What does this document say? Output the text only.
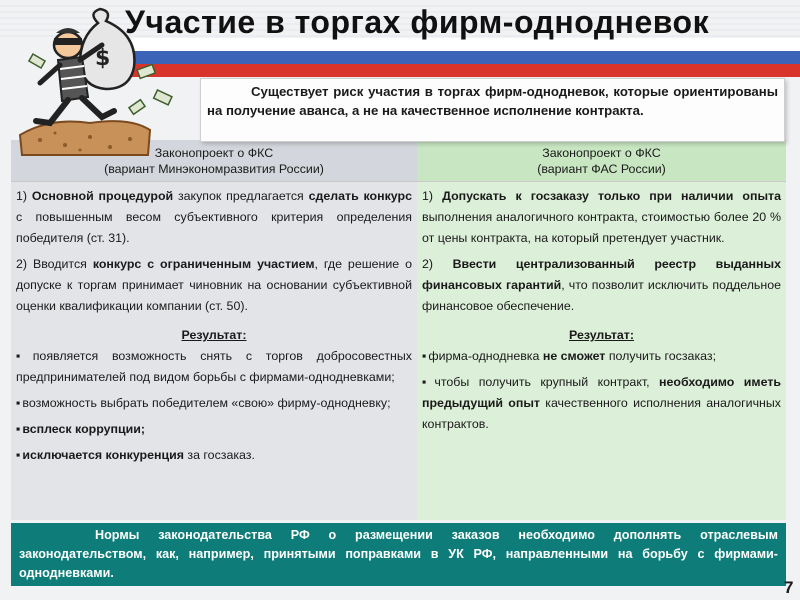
Участие в торгах фирм-однодневок
$

Существует риск участия в торгах фирм-однодневок, которые ориентированы на получение аванса, а не на качественное исполнение контракта.

Законопроект о ФКС
(вариант Минэкономразвития России)

1) Основной процедурой закупок предлагается сделать конкурс с повышенным весом субъективного критерия определения победителя (ст. 31).

2) Вводится конкурс с ограниченным участием, где решение о допуске к торгам принимает чиновник на основании субъективной оценки квалификации компании (ст. 50).

Результат:

▪ появляется возможность снять с торгов добросовестных предпринимателей под видом борьбы с фирмами-однодневками;

▪ возможность выбрать победителем «свою» фирму-однодневку;

▪ всплеск коррупции;

▪ исключается конкуренция за госзаказ.

Законопроект о ФКС
(вариант ФАС России)

1) Допускать к госзаказу только при наличии опыта выполнения аналогичного контракта, стоимостью более 20 % от цены контракта, на который претендует участник.

2) Ввести централизованный реестр выданных финансовых гарантий, что позволит исключить поддельное финансовое обеспечение.

Результат:

▪ фирма-однодневка не сможет получить госзаказ;

▪ чтобы получить крупный контракт, необходимо иметь предыдущий опыт качественного исполнения аналогичных контрактов.

Нормы законодательства РФ о размещении заказов необходимо дополнять отраслевым законодательством, как, например, принятыми поправками в УК РФ, направленными на борьбу с фирмами-однодневками.

7
